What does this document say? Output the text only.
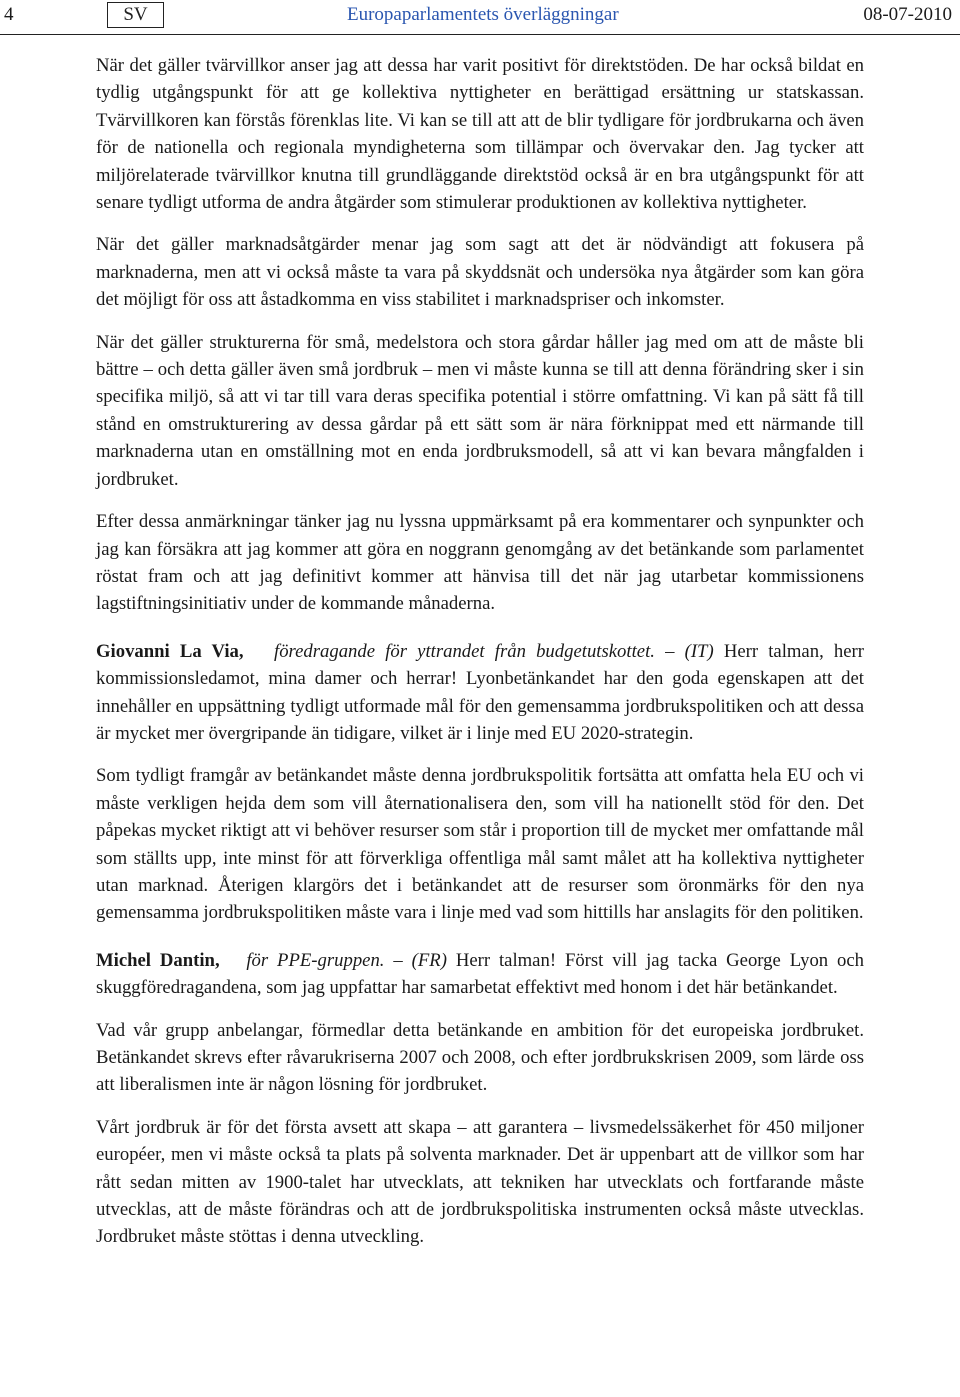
4	SV	Europaparlamentets överläggningar	08-07-2010

När det gäller tvärvillkor anser jag att dessa har varit positivt för direktstöden. De har också bildat en tydlig utgångspunkt för att ge kollektiva nyttigheter en berättigad ersättning ur statskassan. Tvärvillkoren kan förstås förenklas lite. Vi kan se till att att de blir tydligare för jordbrukarna och även för de nationella och regionala myndigheterna som tillämpar och övervakar den. Jag tycker att miljörelaterade tvärvillkor knutna till grundläggande direktstöd också är en bra utgångspunkt för att senare tydligt utforma de andra åtgärder som stimulerar produktionen av kollektiva nyttigheter.

När det gäller marknadsåtgärder menar jag som sagt att det är nödvändigt att fokusera på marknaderna, men att vi också måste ta vara på skyddsnät och undersöka nya åtgärder som kan göra det möjligt för oss att åstadkomma en viss stabilitet i marknadspriser och inkomster.

När det gäller strukturerna för små, medelstora och stora gårdar håller jag med om att de måste bli bättre – och detta gäller även små jordbruk – men vi måste kunna se till att denna förändring sker i sin specifika miljö, så att vi tar till vara deras specifika potential i större omfattning. Vi kan på sätt få till stånd en omstrukturering av dessa gårdar på ett sätt som är nära förknippat med ett närmande till marknaderna utan en omställning mot en enda jordbruksmodell, så att vi kan bevara mångfalden i jordbruket.

Efter dessa anmärkningar tänker jag nu lyssna uppmärksamt på era kommentarer och synpunkter och jag kan försäkra att jag kommer att göra en noggrann genomgång av det betänkande som parlamentet röstat fram och att jag definitivt kommer att hänvisa till det när jag utarbetar kommissionens lagstiftningsinitiativ under de kommande månaderna.

Giovanni La Via, föredragande för yttrandet från budgetutskottet. – (IT) Herr talman, herr kommissionsledamot, mina damer och herrar! Lyonbetänkandet har den goda egenskapen att det innehåller en uppsättning tydligt utformade mål för den gemensamma jordbrukspolitiken och att dessa är mycket mer övergripande än tidigare, vilket är i linje med EU 2020-strategin.

Som tydligt framgår av betänkandet måste denna jordbrukspolitik fortsätta att omfatta hela EU och vi måste verkligen hejda dem som vill åternationalisera den, som vill ha nationellt stöd för den. Det påpekas mycket riktigt att vi behöver resurser som står i proportion till de mycket mer omfattande mål som ställts upp, inte minst för att förverkliga offentliga mål samt målet att ha kollektiva nyttigheter utan marknad. Återigen klargörs det i betänkandet att de resurser som öronmärks för den nya gemensamma jordbrukspolitiken måste vara i linje med vad som hittills har anslagits för den politiken.

Michel Dantin, för PPE-gruppen. – (FR) Herr talman! Först vill jag tacka George Lyon och skuggföredragandena, som jag uppfattar har samarbetat effektivt med honom i det här betänkandet.

Vad vår grupp anbelangar, förmedlar detta betänkande en ambition för det europeiska jordbruket. Betänkandet skrevs efter råvarukriserna 2007 och 2008, och efter jordbrukskrisen 2009, som lärde oss att liberalismen inte är någon lösning för jordbruket.

Vårt jordbruk är för det första avsett att skapa – att garantera – livsmedelssäkerhet för 450 miljoner européer, men vi måste också ta plats på solventa marknader. Det är uppenbart att de villkor som har rått sedan mitten av 1900-talet har utvecklats, att tekniken har utvecklats och fortfarande måste utvecklas, att de måste förändras och att de jordbrukspolitiska instrumenten också måste utvecklas. Jordbruket måste stöttas i denna utveckling.
